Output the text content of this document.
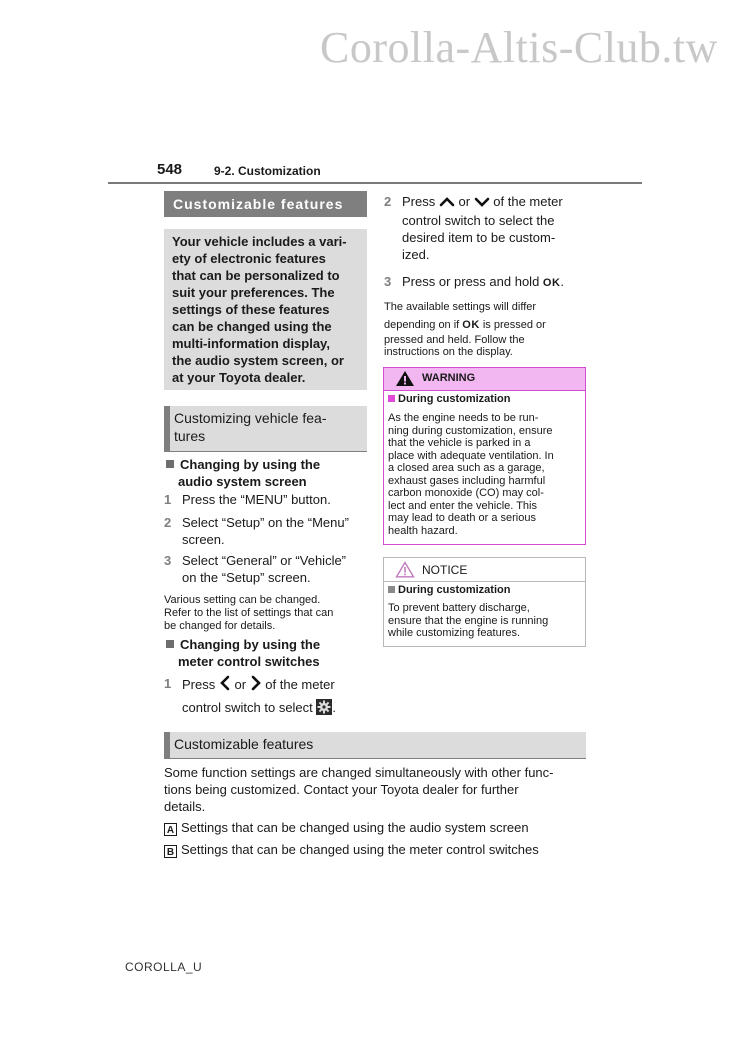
Corolla-Altis-Club.tw
548	9-2. Customization
Customizable features
Your vehicle includes a vari-
ety of electronic features
that can be personalized to
suit your preferences. The
settings of these features
can be changed using the
multi-information display,
the audio system screen, or
at your Toyota dealer.
Customizing vehicle fea-
tures
Changing by using the
audio system screen
1 Press the “MENU” button.
2 Select “Setup” on the “Menu”
screen.
3 Select “General” or “Vehicle”
on the “Setup” screen.
Various setting can be changed.
Refer to the list of settings that can
be changed for details.
Changing by using the
meter control switches
1 Press or of the meter
control switch to select .
2 Press or of the meter
control switch to select the
desired item to be custom-
ized.
3 Press or press and hold OK.
The available settings will differ
depending on if OK is pressed or
pressed and held. Follow the
instructions on the display.
WARNING
During customization
As the engine needs to be run-
ning during customization, ensure
that the vehicle is parked in a
place with adequate ventilation. In
a closed area such as a garage,
exhaust gases including harmful
carbon monoxide (CO) may col-
lect and enter the vehicle. This
may lead to death or a serious
health hazard.
NOTICE
During customization
To prevent battery discharge,
ensure that the engine is running
while customizing features.
Customizable features
Some function settings are changed simultaneously with other func-
tions being customized. Contact your Toyota dealer for further
details.
A Settings that can be changed using the audio system screen
B Settings that can be changed using the meter control switches
COROLLA_U
